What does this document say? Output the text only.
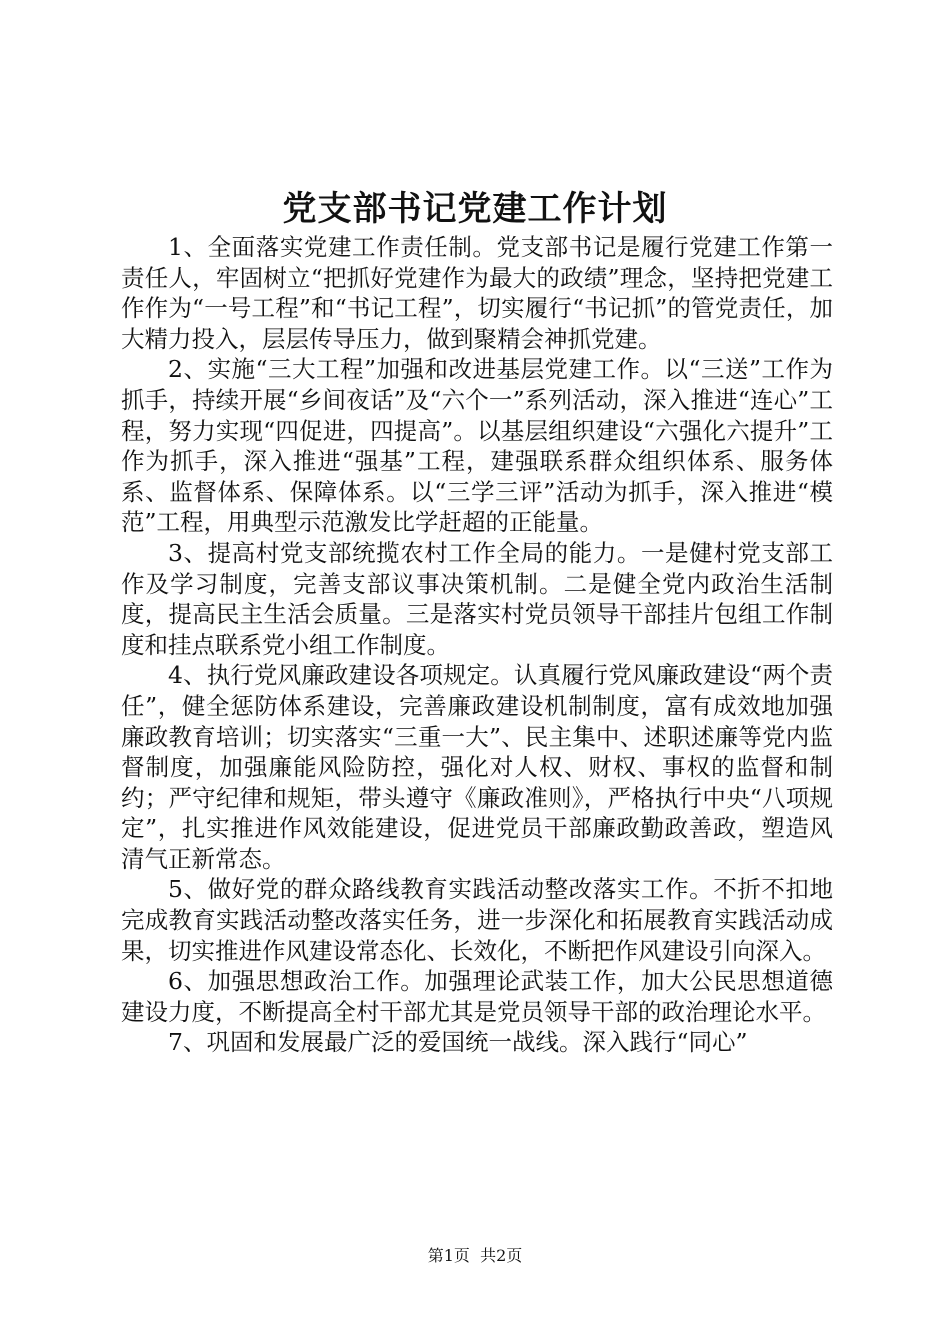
党支部书记党建工作计划

1、全面落实党建工作责任制。党支部书记是履行党建工作第一责任人，牢固树立“把抓好党建作为最大的政绩”理念，坚持把党建工作作为“一号工程”和“书记工程”，切实履行“书记抓”的管党责任，加大精力投入，层层传导压力，做到聚精会神抓党建。

2、实施“三大工程”加强和改进基层党建工作。以“三送”工作为抓手，持续开展“乡间夜话”及“六个一”系列活动，深入推进“连心”工程，努力实现“四促进，四提高”。以基层组织建设“六强化六提升”工作为抓手，深入推进“强基”工程，建强联系群众组织体系、服务体系、监督体系、保障体系。以“三学三评”活动为抓手，深入推进“模范”工程，用典型示范激发比学赶超的正能量。

3、提高村党支部统揽农村工作全局的能力。一是健村党支部工作及学习制度，完善支部议事决策机制。二是健全党内政治生活制度，提高民主生活会质量。三是落实村党员领导干部挂片包组工作制度和挂点联系党小组工作制度。

4、执行党风廉政建设各项规定。认真履行党风廉政建设“两个责任”，健全惩防体系建设，完善廉政建设机制制度，富有成效地加强廉政教育培训；切实落实“三重一大”、民主集中、述职述廉等党内监督制度，加强廉能风险防控，强化对人权、财权、事权的监督和制约；严守纪律和规矩，带头遵守《廉政准则》，严格执行中央“八项规定”，扎实推进作风效能建设，促进党员干部廉政勤政善政，塑造风清气正新常态。

5、做好党的群众路线教育实践活动整改落实工作。不折不扣地完成教育实践活动整改落实任务，进一步深化和拓展教育实践活动成果，切实推进作风建设常态化、长效化，不断把作风建设引向深入。

6、加强思想政治工作。加强理论武装工作，加大公民思想道德建设力度，不断提高全村干部尤其是党员领导干部的政治理论水平。

7、巩固和发展最广泛的爱国统一战线。深入践行“同心”

第1页  共2页
